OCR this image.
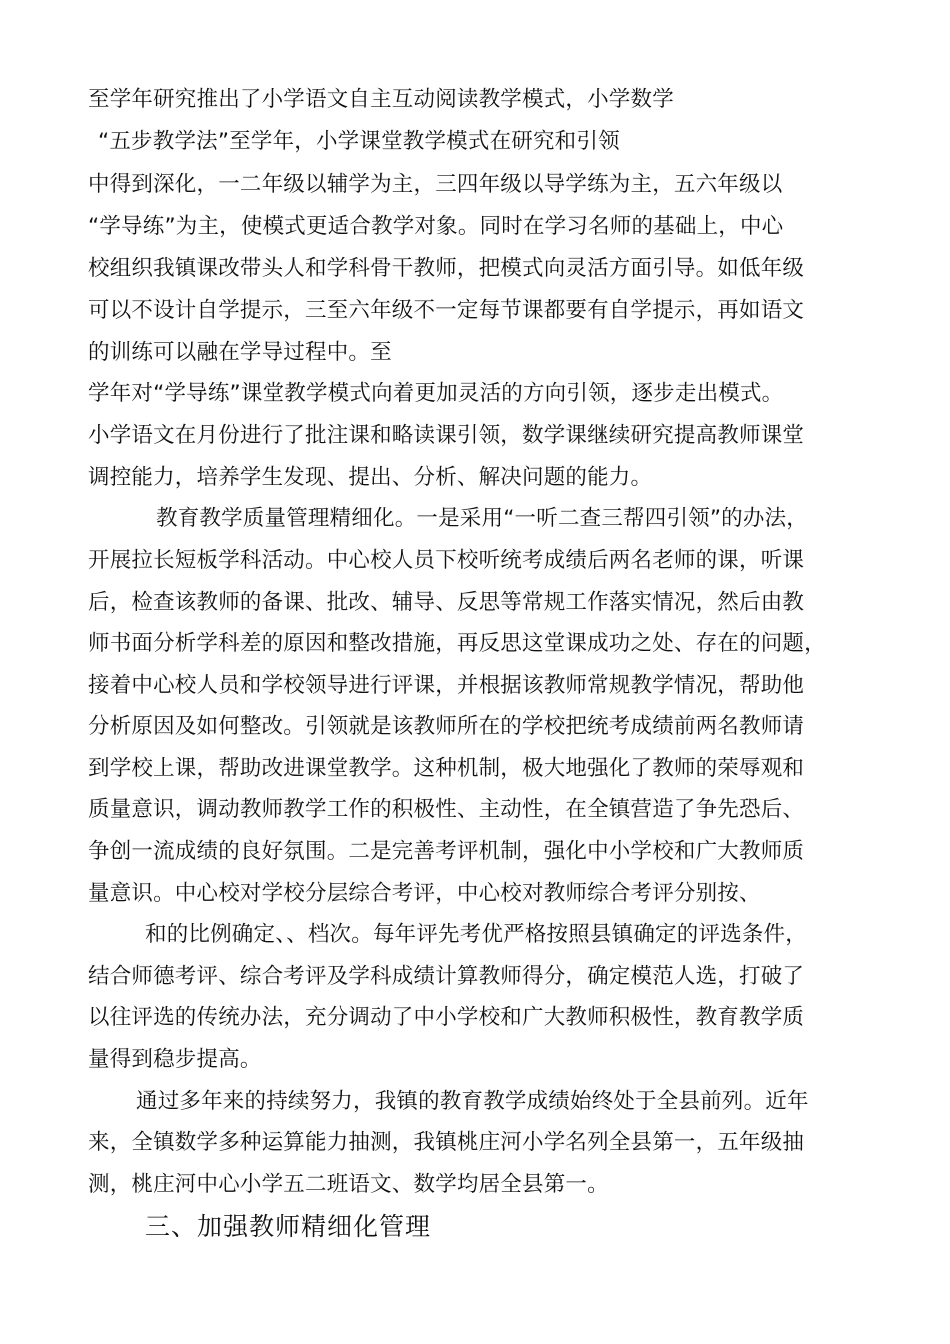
至学年研究推出了小学语文自主互动阅读教学模式，小学数学
“五步教学法”至学年，小学课堂教学模式在研究和引领
中得到深化，一二年级以辅学为主，三四年级以导学练为主，五六年级以
“学导练”为主，使模式更适合教学对象。同时在学习名师的基础上，中心
校组织我镇课改带头人和学科骨干教师，把模式向灵活方面引导。如低年级
可以不设计自学提示，三至六年级不一定每节课都要有自学提示，再如语文
的训练可以融在学导过程中。至
学年对“学导练”课堂教学模式向着更加灵活的方向引领，逐步走出模式。
小学语文在月份进行了批注课和略读课引领，数学课继续研究提高教师课堂
调控能力，培养学生发现、提出、分析、解决问题的能力。
教育教学质量管理精细化。一是采用“一听二查三帮四引领”的办法，
开展拉长短板学科活动。中心校人员下校听统考成绩后两名老师的课，听课
后，检查该教师的备课、批改、辅导、反思等常规工作落实情况，然后由教
师书面分析学科差的原因和整改措施，再反思这堂课成功之处、存在的问题，
接着中心校人员和学校领导进行评课，并根据该教师常规教学情况，帮助他
分析原因及如何整改。引领就是该教师所在的学校把统考成绩前两名教师请
到学校上课，帮助改进课堂教学。这种机制，极大地强化了教师的荣辱观和
质量意识，调动教师教学工作的积极性、主动性，在全镇营造了争先恐后、
争创一流成绩的良好氛围。二是完善考评机制，强化中小学校和广大教师质
量意识。中心校对学校分层综合考评，中心校对教师综合考评分别按、
和的比例确定、、档次。每年评先考优严格按照县镇确定的评选条件，
结合师德考评、综合考评及学科成绩计算教师得分，确定模范人选，打破了
以往评选的传统办法，充分调动了中小学校和广大教师积极性，教育教学质
量得到稳步提高。
通过多年来的持续努力，我镇的教育教学成绩始终处于全县前列。近年
来，全镇数学多种运算能力抽测，我镇桃庄河小学名列全县第一，五年级抽
测，桃庄河中心小学五二班语文、数学均居全县第一。
三、加强教师精细化管理
